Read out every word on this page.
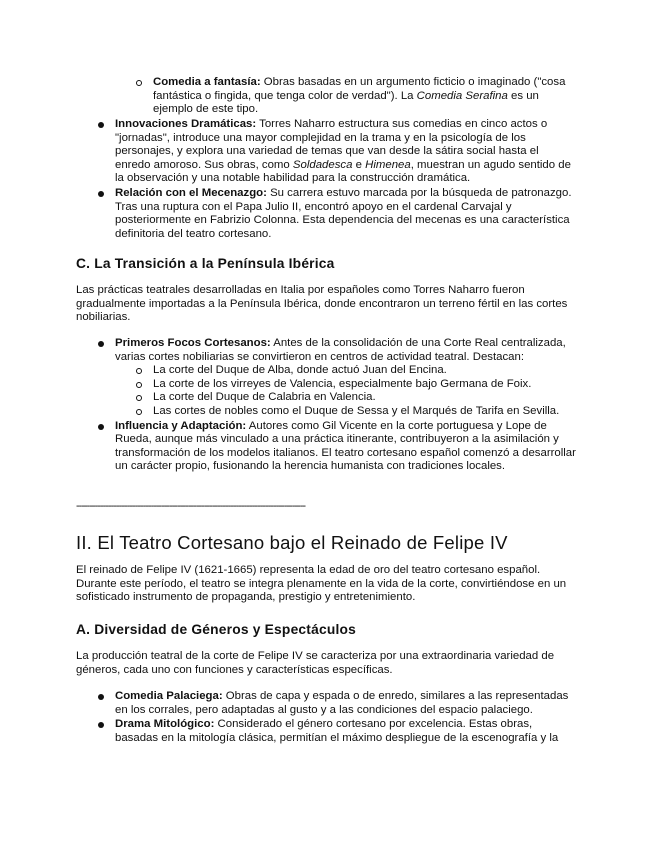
Comedia a fantasía: Obras basadas en un argumento ficticio o imaginado ("cosa fantástica o fingida, que tenga color de verdad"). La Comedia Serafina es un ejemplo de este tipo.
Innovaciones Dramáticas: Torres Naharro estructura sus comedias en cinco actos o "jornadas", introduce una mayor complejidad en la trama y en la psicología de los personajes, y explora una variedad de temas que van desde la sátira social hasta el enredo amoroso. Sus obras, como Soldadesca e Himenea, muestran un agudo sentido de la observación y una notable habilidad para la construcción dramática.
Relación con el Mecenazgo: Su carrera estuvo marcada por la búsqueda de patronazgo. Tras una ruptura con el Papa Julio II, encontró apoyo en el cardenal Carvajal y posteriormente en Fabrizio Colonna. Esta dependencia del mecenas es una característica definitoria del teatro cortesano.
C. La Transición a la Península Ibérica

Las prácticas teatrales desarrolladas en Italia por españoles como Torres Naharro fueron gradualmente importadas a la Península Ibérica, donde encontraron un terreno fértil en las cortes nobiliarias.

Primeros Focos Cortesanos: Antes de la consolidación de una Corte Real centralizada, varias cortes nobiliarias se convirtieron en centros de actividad teatral. Destacan:
La corte del Duque de Alba, donde actuó Juan del Encina.
La corte de los virreyes de Valencia, especialmente bajo Germana de Foix.
La corte del Duque de Calabria en Valencia.
Las cortes de nobles como el Duque de Sessa y el Marqués de Tarifa en Sevilla.
Influencia y Adaptación: Autores como Gil Vicente en la corte portuguesa y Lope de Rueda, aunque más vinculado a una práctica itinerante, contribuyeron a la asimilación y transformación de los modelos italianos. El teatro cortesano español comenzó a desarrollar un carácter propio, fusionando la herencia humanista con tradiciones locales.
--------------------------------------------------------------------------------------
II. El Teatro Cortesano bajo el Reinado de Felipe IV

El reinado de Felipe IV (1621-1665) representa la edad de oro del teatro cortesano español. Durante este período, el teatro se integra plenamente en la vida de la corte, convirtiéndose en un sofisticado instrumento de propaganda, prestigio y entretenimiento.

A. Diversidad de Géneros y Espectáculos

La producción teatral de la corte de Felipe IV se caracteriza por una extraordinaria variedad de géneros, cada uno con funciones y características específicas.

Comedia Palaciega: Obras de capa y espada o de enredo, similares a las representadas en los corrales, pero adaptadas al gusto y a las condiciones del espacio palaciego.
Drama Mitológico: Considerado el género cortesano por excelencia. Estas obras, basadas en la mitología clásica, permitían el máximo despliegue de la escenografía y la
